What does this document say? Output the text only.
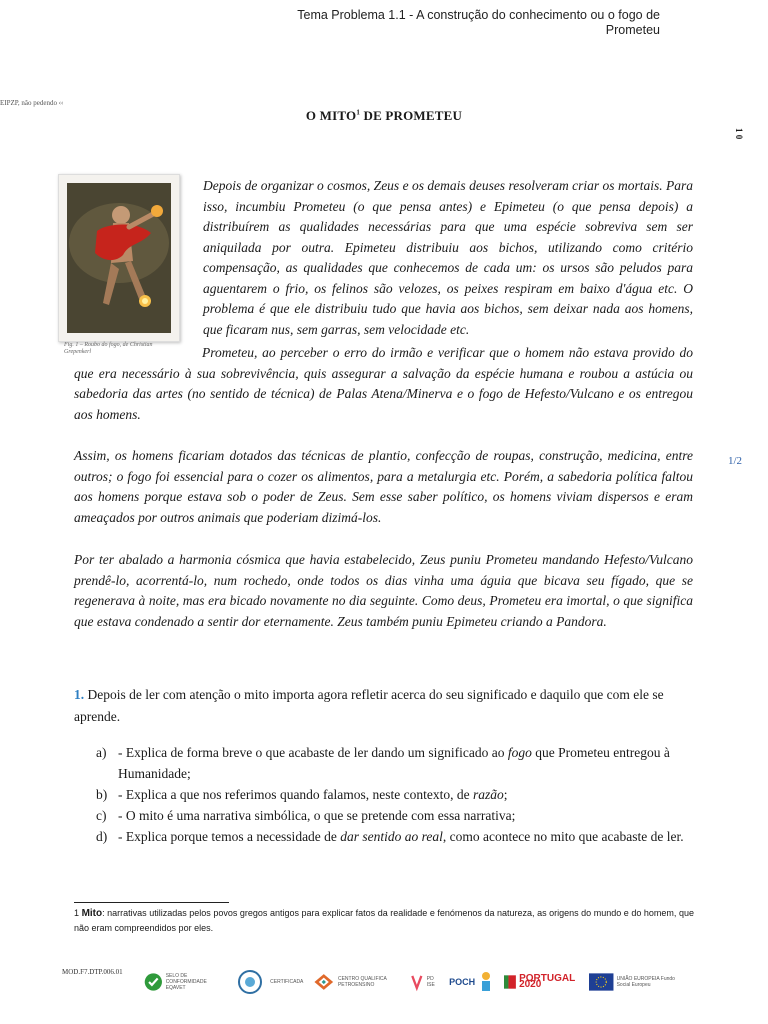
Tema Problema 1.1 - A construção do conhecimento ou o fogo de Prometeu
EIPZP, não pedendo ‹‹
1 0
O MITO$^1$ DE PROMETEU
Fig. 1 – Roubo do fogo, de Christian Grepenkerl
Depois de organizar o cosmos, Zeus e os demais deuses resolveram criar os mortais. Para isso, incumbiu Prometeu (o que pensa antes) e Epimeteu (o que pensa depois) a distribuírem as qualidades necessárias para que uma espécie sobreviva sem ser aniquilada por outra. Epimeteu distribuiu aos bichos, utilizando como critério compensação, as qualidades que conhecemos de cada um: os ursos são peludos para aguentarem o frio, os felinos são velozes, os peixes respiram em baixo d'água etc. O problema é que ele distribuiu tudo que havia aos bichos, sem deixar nada aos homens, que ficaram nus, sem garras, sem velocidade etc.
Prometeu, ao perceber o erro do irmão e verificar que o homem não estava provido do que era necessário à sua sobrevivência, quis assegurar a salvação da espécie humana e roubou a astúcia ou sabedoria das artes (no sentido de técnica) de Palas Atena/Minerva e o fogo de Hefesto/Vulcano e os entregou aos homens.
Assim, os homens ficariam dotados das técnicas de plantio, confecção de roupas, construção, medicina, entre outros; o fogo foi essencial para o cozer os alimentos, para a metalurgia etc. Porém, a sabedoria política faltou aos homens porque estava sob o poder de Zeus. Sem esse saber político, os homens viviam dispersos e eram ameaçados por outros animais que poderiam dizimá-los.
Por ter abalado a harmonia cósmica que havia estabelecido, Zeus puniu Prometeu mandando Hefesto/Vulcano prendê-lo, acorrentá-lo, num rochedo, onde todos os dias vinha uma águia que bicava seu fígado, que se regenerava à noite, mas era bicado novamente no dia seguinte. Como deus, Prometeu era imortal, o que significa que estava condenado a sentir dor eternamente. Zeus também puniu Epimeteu criando a Pandora.
1/2
1. Depois de ler com atenção o mito importa agora refletir acerca do seu significado e daquilo que com ele se aprende.
a) - Explica de forma breve o que acabaste de ler dando um significado ao fogo que Prometeu entregou à Humanidade;
b) - Explica a que nos referimos quando falamos, neste contexto, de razão;
c) - O mito é uma narrativa simbólica, o que se pretende com essa narrativa;
d) - Explica porque temos a necessidade de dar sentido ao real, como acontece no mito que acabaste de ler.
1 Mito: narrativas utilizadas pelos povos gregos antigos para explicar fatos da realidade e fenómenos da natureza, as origens do mundo e do homem, que não eram compreendidos por eles.
MOD.F7.DTP.006.01	SELO DE CONFORMIDADE EQAVET
CERTIFICADA	CENTRO QUALIFICA PETROENSINO
PD ISE	POCH	PORTUGAL 2020	UNIÃO EUROPEIA Fundo Social Europeu
